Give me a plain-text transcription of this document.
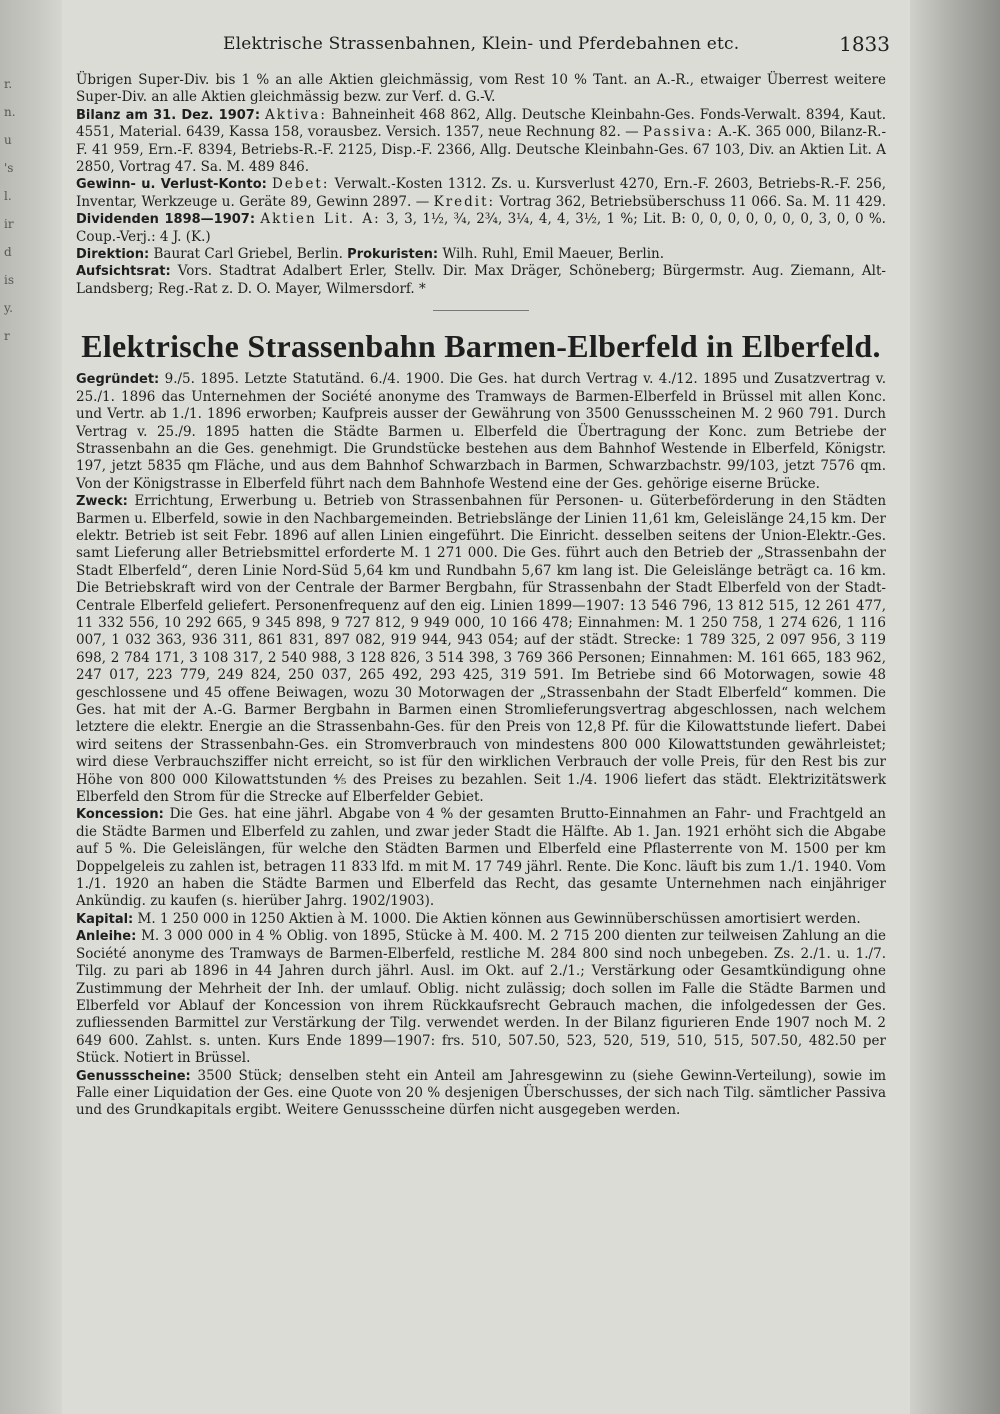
r.
n.
u
's
l.
ir
d
is
y.
r
Elektrische Strassenbahnen, Klein- und Pferdebahnen etc.	1833

Übrigen Super-Div. bis 1 % an alle Aktien gleichmässig, vom Rest 10 % Tant. an A.-R., etwaiger Überrest weitere Super-Div. an alle Aktien gleichmässig bezw. zur Verf. d. G.-V.

Bilanz am 31. Dez. 1907: Aktiva: Bahneinheit 468 862, Allg. Deutsche Kleinbahn-Ges. Fonds-Verwalt. 8394, Kaut. 4551, Material. 6439, Kassa 158, vorausbez. Versich. 1357, neue Rechnung 82. — Passiva: A.-K. 365 000, Bilanz-R.-F. 41 959, Ern.-F. 8394, Betriebs-R.-F. 2125, Disp.-F. 2366, Allg. Deutsche Kleinbahn-Ges. 67 103, Div. an Aktien Lit. A 2850, Vortrag 47. Sa. M. 489 846.

Gewinn- u. Verlust-Konto: Debet: Verwalt.-Kosten 1312. Zs. u. Kursverlust 4270, Ern.-F. 2603, Betriebs-R.-F. 256, Inventar, Werkzeuge u. Geräte 89, Gewinn 2897. — Kredit: Vortrag 362, Betriebsüberschuss 11 066. Sa. M. 11 429. Dividenden 1898—1907: Aktien Lit. A: 3, 3, 1½, ¾, 2¾, 3¼, 4, 4, 3½, 1 %; Lit. B: 0, 0, 0, 0, 0, 0, 0, 3, 0, 0 %. Coup.-Verj.: 4 J. (K.)

Direktion: Baurat Carl Griebel, Berlin. Prokuristen: Wilh. Ruhl, Emil Maeuer, Berlin.

Aufsichtsrat: Vors. Stadtrat Adalbert Erler, Stellv. Dir. Max Dräger, Schöneberg; Bürgermstr. Aug. Ziemann, Alt-Landsberg; Reg.-Rat z. D. O. Mayer, Wilmersdorf. *

Elektrische Strassenbahn Barmen-Elberfeld in Elberfeld.

Gegründet: 9./5. 1895. Letzte Statutänd. 6./4. 1900. Die Ges. hat durch Vertrag v. 4./12. 1895 und Zusatzvertrag v. 25./1. 1896 das Unternehmen der Société anonyme des Tramways de Barmen-Elberfeld in Brüssel mit allen Konc. und Vertr. ab 1./1. 1896 erworben; Kaufpreis ausser der Gewährung von 3500 Genussscheinen M. 2 960 791. Durch Vertrag v. 25./9. 1895 hatten die Städte Barmen u. Elberfeld die Übertragung der Konc. zum Betriebe der Strassenbahn an die Ges. genehmigt. Die Grundstücke bestehen aus dem Bahnhof Westende in Elberfeld, Königstr. 197, jetzt 5835 qm Fläche, und aus dem Bahnhof Schwarzbach in Barmen, Schwarzbachstr. 99/103, jetzt 7576 qm. Von der Königstrasse in Elberfeld führt nach dem Bahnhofe Westend eine der Ges. gehörige eiserne Brücke.

Zweck: Errichtung, Erwerbung u. Betrieb von Strassenbahnen für Personen- u. Güterbeförderung in den Städten Barmen u. Elberfeld, sowie in den Nachbargemeinden. Betriebslänge der Linien 11,61 km, Geleislänge 24,15 km. Der elektr. Betrieb ist seit Febr. 1896 auf allen Linien eingeführt. Die Einricht. desselben seitens der Union-Elektr.-Ges. samt Lieferung aller Betriebsmittel erforderte M. 1 271 000. Die Ges. führt auch den Betrieb der „Strassenbahn der Stadt Elberfeld“, deren Linie Nord-Süd 5,64 km und Rundbahn 5,67 km lang ist. Die Geleislänge beträgt ca. 16 km. Die Betriebskraft wird von der Centrale der Barmer Bergbahn, für Strassenbahn der Stadt Elberfeld von der Stadt-Centrale Elberfeld geliefert. Personenfrequenz auf den eig. Linien 1899—1907: 13 546 796, 13 812 515, 12 261 477, 11 332 556, 10 292 665, 9 345 898, 9 727 812, 9 949 000, 10 166 478; Einnahmen: M. 1 250 758, 1 274 626, 1 116 007, 1 032 363, 936 311, 861 831, 897 082, 919 944, 943 054; auf der städt. Strecke: 1 789 325, 2 097 956, 3 119 698, 2 784 171, 3 108 317, 2 540 988, 3 128 826, 3 514 398, 3 769 366 Personen; Einnahmen: M. 161 665, 183 962, 247 017, 223 779, 249 824, 250 037, 265 492, 293 425, 319 591. Im Betriebe sind 66 Motorwagen, sowie 48 geschlossene und 45 offene Beiwagen, wozu 30 Motorwagen der „Strassenbahn der Stadt Elberfeld“ kommen. Die Ges. hat mit der A.-G. Barmer Bergbahn in Barmen einen Stromlieferungsvertrag abgeschlossen, nach welchem letztere die elektr. Energie an die Strassenbahn-Ges. für den Preis von 12,8 Pf. für die Kilowattstunde liefert. Dabei wird seitens der Strassenbahn-Ges. ein Stromverbrauch von mindestens 800 000 Kilowattstunden gewährleistet; wird diese Verbrauchsziffer nicht erreicht, so ist für den wirklichen Verbrauch der volle Preis, für den Rest bis zur Höhe von 800 000 Kilowattstunden ⁴⁄₅ des Preises zu bezahlen. Seit 1./4. 1906 liefert das städt. Elektrizitätswerk Elberfeld den Strom für die Strecke auf Elberfelder Gebiet.

Koncession: Die Ges. hat eine jährl. Abgabe von 4 % der gesamten Brutto-Einnahmen an Fahr- und Frachtgeld an die Städte Barmen und Elberfeld zu zahlen, und zwar jeder Stadt die Hälfte. Ab 1. Jan. 1921 erhöht sich die Abgabe auf 5 %. Die Geleislängen, für welche den Städten Barmen und Elberfeld eine Pflasterrente von M. 1500 per km Doppelgeleis zu zahlen ist, betragen 11 833 lfd. m mit M. 17 749 jährl. Rente. Die Konc. läuft bis zum 1./1. 1940. Vom 1./1. 1920 an haben die Städte Barmen und Elberfeld das Recht, das gesamte Unternehmen nach einjähriger Ankündig. zu kaufen (s. hierüber Jahrg. 1902/1903).

Kapital: M. 1 250 000 in 1250 Aktien à M. 1000. Die Aktien können aus Gewinnüberschüssen amortisiert werden.

Anleihe: M. 3 000 000 in 4 % Oblig. von 1895, Stücke à M. 400. M. 2 715 200 dienten zur teilweisen Zahlung an die Société anonyme des Tramways de Barmen-Elberfeld, restliche M. 284 800 sind noch unbegeben. Zs. 2./1. u. 1./7. Tilg. zu pari ab 1896 in 44 Jahren durch jährl. Ausl. im Okt. auf 2./1.; Verstärkung oder Gesamtkündigung ohne Zustimmung der Mehrheit der Inh. der umlauf. Oblig. nicht zulässig; doch sollen im Falle die Städte Barmen und Elberfeld vor Ablauf der Koncession von ihrem Rückkaufsrecht Gebrauch machen, die infolgedessen der Ges. zufliessenden Barmittel zur Verstärkung der Tilg. verwendet werden. In der Bilanz figurieren Ende 1907 noch M. 2 649 600. Zahlst. s. unten. Kurs Ende 1899—1907: frs. 510, 507.50, 523, 520, 519, 510, 515, 507.50, 482.50 per Stück. Notiert in Brüssel.

Genussscheine: 3500 Stück; denselben steht ein Anteil am Jahresgewinn zu (siehe Gewinn-Verteilung), sowie im Falle einer Liquidation der Ges. eine Quote von 20 % desjenigen Überschusses, der sich nach Tilg. sämtlicher Passiva und des Grundkapitals ergibt. Weitere Genussscheine dürfen nicht ausgegeben werden.
